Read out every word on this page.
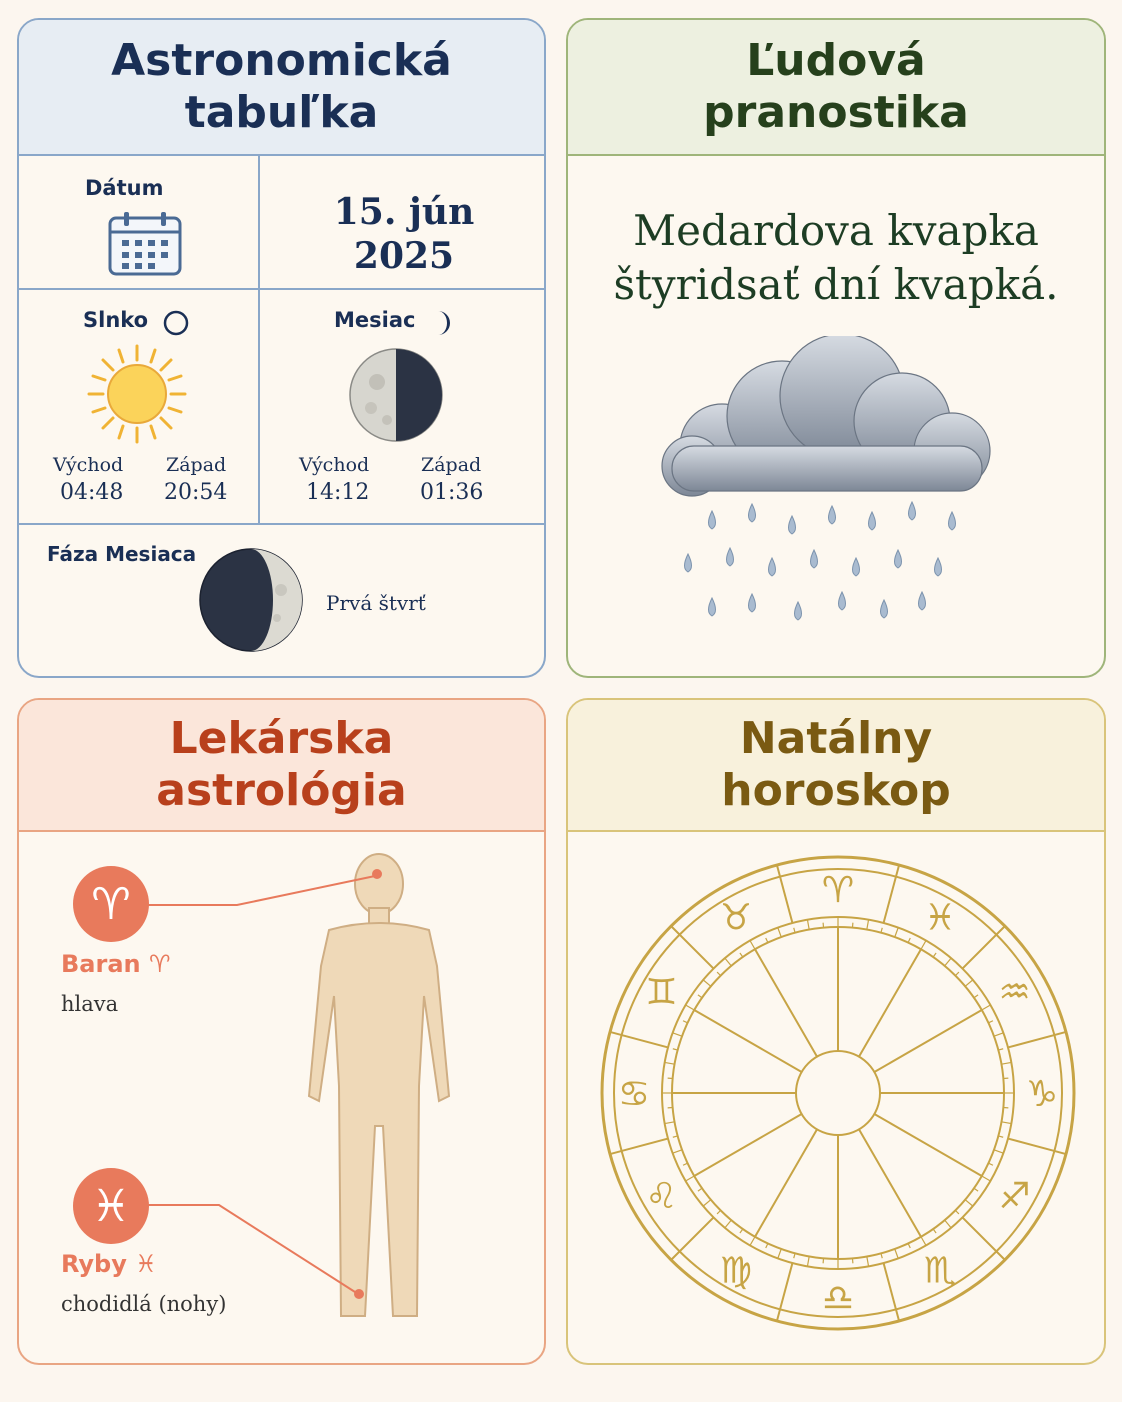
Astronomická
tabuľka
Dátum
15. jún
2025
Slnko
Východ
04:48
Západ
20:54
Mesiac
Východ
14:12
Západ
01:36
Fáza Mesiaca
Prvá štvrť
Ľudová
pranostika
Medardova kvapka
štyridsať dní kvapká.
Lekárska
astrológia
♈
Baran ♈
hlava
♓
Ryby ♓
chodidlá (nohy)
Natálny
horoskop
♈
♓
♒
♑
♐
♏
♎
♍
♌
♋
♊
♉
